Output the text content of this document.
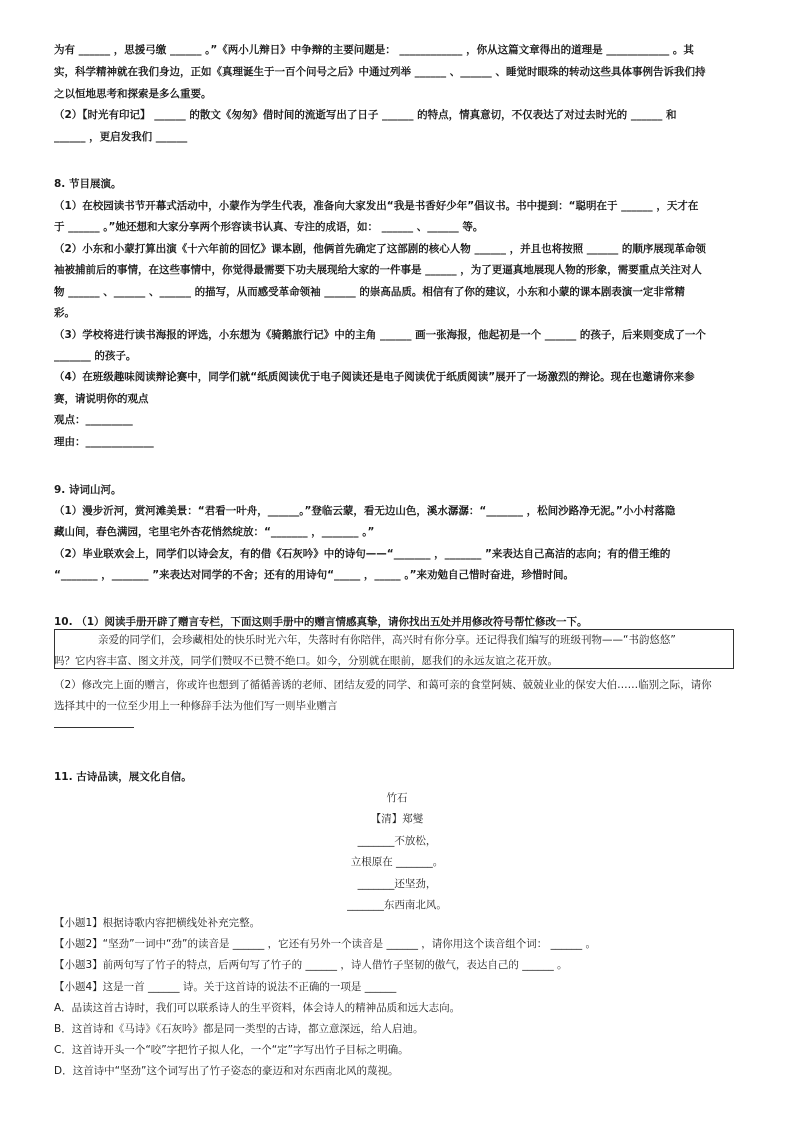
为有 ______ ，思援弓缴 ______ 。”《两小儿辩日》中争辩的主要问题是： ____________ ，你从这篇文章得出的道理是 ____________ 。其
实，科学精神就在我们身边，正如《真理诞生于一百个问号之后》中通过列举 ______ 、______ 、睡觉时眼珠的转动这些具体事例告诉我们持
之以恒地思考和探索是多么重要。
（2）【时光有印记】 ______ 的散文《匆匆》借时间的流逝写出了日子 ______ 的特点，情真意切，不仅表达了对过去时光的 ______ 和
______ ，更启发我们 ______
8. 节目展演。
（1）在校园读书节开幕式活动中，小蒙作为学生代表，准备向大家发出“我是书香好少年”倡议书。书中提到：“聪明在于 ______ ，天才在
于 ______ 。”她还想和大家分享两个形容读书认真、专注的成语，如： ______ 、______ 等。
（2）小东和小蒙打算出演《十六年前的回忆》课本剧，他俩首先确定了这部剧的核心人物 ______ ，并且也将按照 ______ 的顺序展现革命领
袖被捕前后的事情，在这些事情中，你觉得最需要下功夫展现给大家的一件事是 ______ ，为了更逼真地展现人物的形象，需要重点关注对人
物 ______ 、______ 、______ 的描写，从而感受革命领袖 ______ 的崇高品质。相信有了你的建议，小东和小蒙的课本剧表演一定非常精
彩。
（3）学校将进行读书海报的评选，小东想为《骑鹅旅行记》中的主角 ______ 画一张海报，他起初是一个 ______ 的孩子，后来则变成了一个
_______ 的孩子。
（4）在班级趣味阅读辩论赛中，同学们就“纸质阅读优于电子阅读还是电子阅读优于纸质阅读”展开了一场激烈的辩论。现在也邀请你来参
赛，请说明你的观点
观点：_________
理由：_____________
9. 诗词山河。
（1）漫步沂河，赏河滩美景：“君看一叶舟，______。”登临云蒙，看无边山色，溪水潺潺：“_______ ，松间沙路净无泥。”小小村落隐
藏山间，春色满园，宅里宅外杏花悄然绽放：“_______ ，_______ 。”
（2）毕业联欢会上，同学们以诗会友，有的借《石灰吟》中的诗句——“_______ ，_______ ”来表达自己高洁的志向；有的借王维的
“_______ ，_______ ”来表达对同学的不舍；还有的用诗句“_____ ，_____ 。”来劝勉自己惜时奋进，珍惜时间。
10. （1）阅读手册开辟了赠言专栏，下面这则手册中的赠言情感真挚，请你找出五处并用修改符号帮忙修改一下。
亲爱的同学们，会珍藏相处的快乐时光六年，失落时有你陪伴，高兴时有你分享。还记得我们编写的班级刊物——“书韵悠悠”
吗？它内容丰富、图文并茂，同学们赞叹不已赞不绝口。如今，分别就在眼前，愿我们的永远友谊之花开放。
（2）修改完上面的赠言，你或许也想到了循循善诱的老师、团结友爱的同学、和蔼可亲的食堂阿姨、兢兢业业的保安大伯……临别之际，请你
选择其中的一位至少用上一种修辞手法为他们写一则毕业赠言
11. 古诗品读，展文化自信。
竹石
【清】郑燮
_______不放松，
立根原在 _______。
_______还坚劲，
_______东西南北风。
【小题1】根据诗歌内容把横线处补充完整。
【小题2】“坚劲”一词中“劲”的读音是 ______ ，它还有另外一个读音是 ______ ，请你用这个读音组个词： ______ 。
【小题3】前两句写了竹子的特点，后两句写了竹子的 ______ ，诗人借竹子坚韧的傲气，表达自己的 ______ 。
【小题4】这是一首 ______ 诗。关于这首诗的说法不正确的一项是 ______
A．品读这首古诗时，我们可以联系诗人的生平资料，体会诗人的精神品质和远大志向。
B．这首诗和《马诗》《石灰吟》都是同一类型的古诗，都立意深远，给人启迪。
C．这首诗开头一个“咬”字把竹子拟人化，一个“定”字写出竹子目标之明确。
D．这首诗中“坚劲”这个词写出了竹子姿态的豪迈和对东西南北风的蔑视。
